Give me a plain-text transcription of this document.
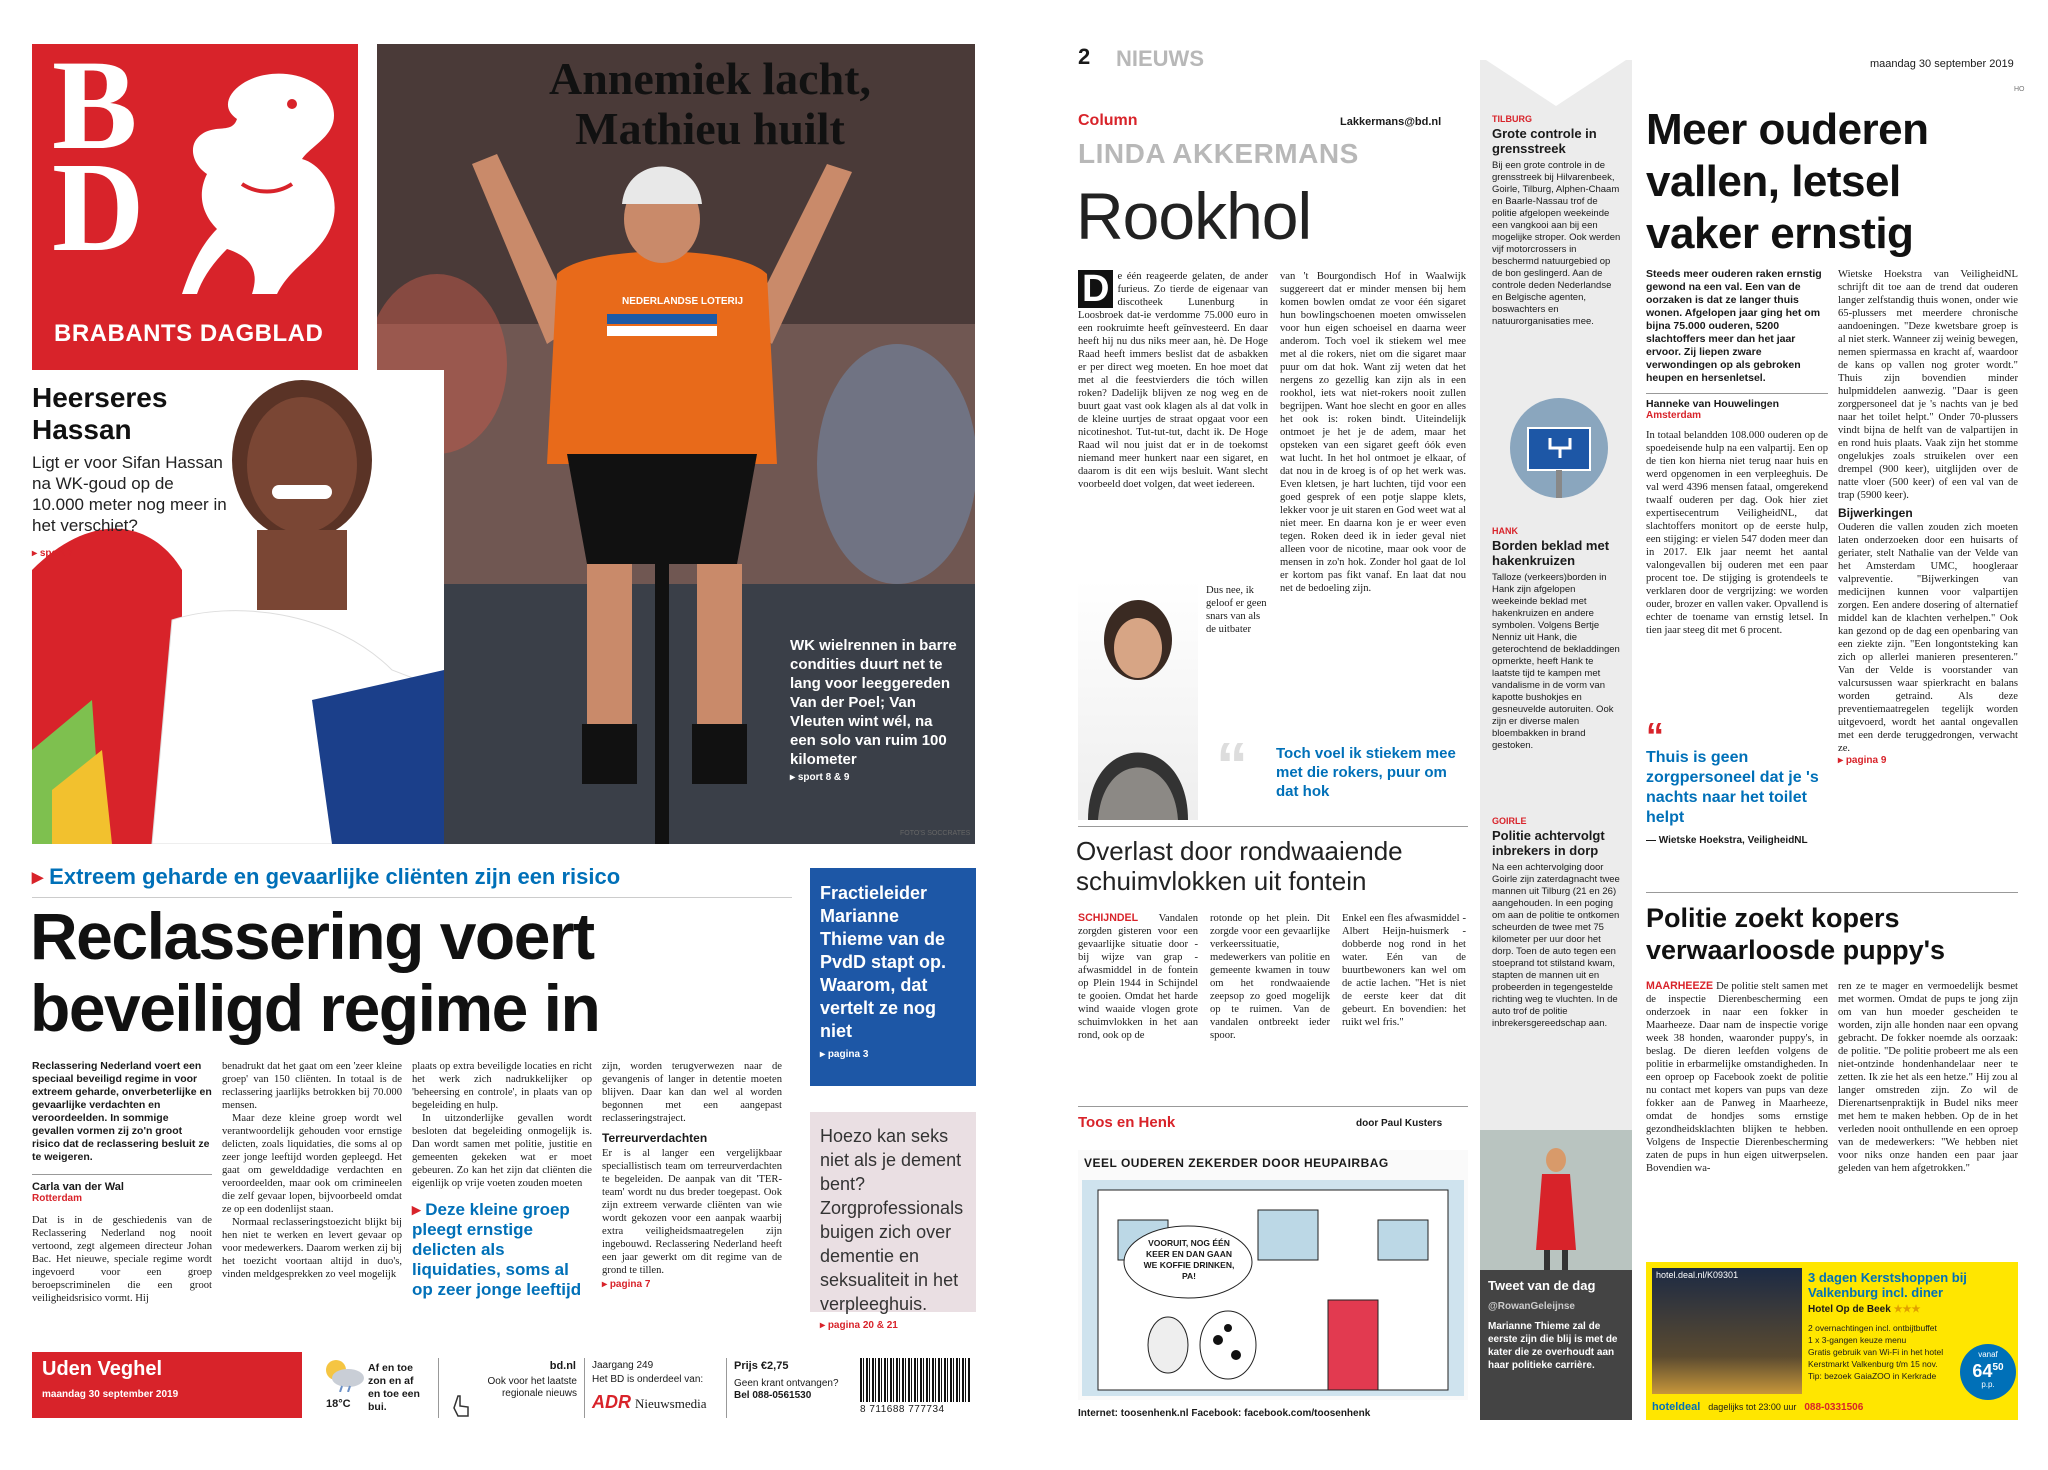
B
D
BRABANTS DAGBLAD
NEDERLANDSE LOTERIJ
Annemiek lacht, Mathieu huilt
Heerseres Hassan
Ligt er voor Sifan Hassan na WK-goud op de 10.000 meter nog meer in het verschiet?
▸ sport 7
WK wielrennen in barre condities duurt net te lang voor leeggereden Van der Poel; Van Vleuten wint wél, na een solo van ruim 100 kilometer
▸ sport 8 & 9
FOTO'S SOCCRATES
▸ Extreem geharde en gevaarlijke cliënten zijn een risico
Reclassering voert
beveiligd regime in

Reclassering Nederland voert een speciaal beveiligd regime in voor extreem geharde, onverbeterlijke en gevaarlijke verdachten en veroordeelden. In sommige gevallen vormen zij zo'n groot risico dat de reclassering besluit ze te weigeren.

Carla van der Wal
Rotterdam

Dat is in de geschiedenis van de Reclassering Nederland nog nooit vertoond, zegt algemeen directeur Johan Bac. Het nieuwe, speciale regime wordt ingevoerd voor een groep beroepscriminelen die een groot veiligheidsrisico vormt. Hij

benadrukt dat het gaat om een 'zeer kleine groep' van 150 cliënten. In totaal is de reclassering jaarlijks betrokken bij 70.000 mensen.

Maar deze kleine groep wordt wel verantwoordelijk gehouden voor ernstige delicten, zoals liquidaties, die soms al op zeer jonge leeftijd worden gepleegd. Het gaat om gewelddadige verdachten en veroordeelden, maar ook om crimineelen die zelf gevaar lopen, bijvoorbeeld omdat ze op een dodenlijst staan.

Normaal reclasseringstoezicht blijkt bij hen niet te werken en levert gevaar op voor medewerkers. Daarom werken zij bij het toezicht voortaan altijd in duo's, vinden meldgesprekken zo veel mogelijk

plaats op extra beveiligde locaties en richt het werk zich nadrukkelijker op 'beheersing en controle', in plaats van op begeleiding en hulp.

In uitzonderlijke gevallen wordt besloten dat begeleiding onmogelijk is. Dan wordt samen met politie, justitie en gemeenten gekeken wat er moet gebeuren. Zo kan het zijn dat cliënten die eigenlijk op vrije voeten zouden moeten

▸ Deze kleine groep pleegt ernstige delicten als liquidaties, soms al op zeer jonge leeftijd

zijn, worden terugverwezen naar de gevangenis of langer in detentie moeten blijven. Daar kan dan wel al worden begonnen met een aangepast reclasseringstraject.

Terreurverdachten

Er is al langer een vergelijkbaar speciallistisch team om terreurverdachten te begeleiden. De aanpak van dit 'TER-team' wordt nu dus breder toegepast. Ook zijn extreem verwarde cliënten van wie wordt gekozen voor een aanpak waarbij extra veiligheidsmaatregelen zijn ingebouwd. Reclassering Nederland heeft een jaar gewerkt om dit regime van de grond te tillen.

▸ pagina 7
Fractieleider Marianne Thieme van de PvdD stapt op. Waarom, dat vertelt ze nog niet
▸ pagina 3
Hoezo kan seks niet als je dement bent? Zorgprofessionals buigen zich over dementie en seksualiteit in het verpleeghuis.
▸ pagina 20 & 21
Uden Veghel
maandag 30 september 2019
18°C
Af en toe zon en af en toe een bui.
bd.nl
Ook voor het laatste regionale nieuws
Jaargang 249
Het BD is onderdeel van:
ADR Nieuwsmedia
Prijs €2,75
Geen krant ontvangen?
Bel 088-0561530
8 711688 777734
2 NIEUWS	maandag 30 september 2019
HO
Column	Lakkermans@bd.nl
LINDA AKKERMANS
Rookhol
D e één reageerde gelaten, de ander furieus. Zo tierde de eigenaar van discotheek Lunenburg in Loosbroek dat-ie verdomme 75.000 euro in een rookruimte heeft geïnvesteerd. En daar heeft hij nu dus niks meer aan, hè. De Hoge Raad heeft immers beslist dat de asbakken er per direct weg moeten. En hoe moet dat met al die feestvierders die tóch willen roken? Dadelijk blijven ze nog weg en de buurt gaat vast ook klagen als al dat volk in de kleine uurtjes de straat opgaat voor een nicotineshot. Tut-tut-tut, dacht ik. De Hoge Raad wil nou juist dat er in de toekomst niemand meer hunkert naar een sigaret, en daarom is dit een wijs besluit. Want slecht voorbeeld doet volgen, dat weet iedereen.

Dus nee, ik geloof er geen snars van als de uitbater

van 't Bourgondisch Hof in Waalwijk suggereert dat er minder mensen bij hem komen bowlen omdat ze voor één sigaret hun bowlingschoenen moeten omwisselen voor hun eigen schoeisel en daarna weer anderom. Toch voel ik stiekem wel mee met al die rokers, niet om die sigaret maar puur om dat hok. Want zij weten dat het nergens zo gezellig kan zijn als in een rookhol, iets wat niet-rokers nooit zullen begrijpen. Want hoe slecht en goor en alles het ook is: roken bindt. Uiteindelijk ontmoet je het je de adem, maar het opsteken van een sigaret geeft óók even wat lucht. In het hol ontmoet je elkaar, of dat nou in de kroeg is of op het werk was. Even kletsen, je hart luchten, tijd voor een goed gesprek of een potje slappe klets, lekker voor je uit staren en God weet wat al niet meer. En daarna kon je er weer even tegen. Roken deed ik in ieder geval niet alleen voor de nicotine, maar ook voor de mensen in zo'n hok. Zonder hol gaat de lol er kortom pas fikt vanaf. En laat dat nou net de bedoeling zijn.

“ Toch voel ik stiekem mee met die rokers, puur om dat hok
Overlast door rondwaaiende schuimvlokken uit fontein

SCHIJNDEL Vandalen zorgden gisteren voor een gevaarlijke situatie door - bij wijze van grap - afwasmiddel in de fontein op Plein 1944 in Schijndel te gooien. Omdat het harde wind waaide vlogen grote schuimvlokken in het aan rond, ook op de

rotonde op het plein. Dit zorgde voor een gevaarlijke verkeerssituatie, medewerkers van politie en gemeente kwamen in touw om het rondwaaiende zeepsop zo goed mogelijk op te ruimen. Van de vandalen ontbreekt ieder spoor.

Enkel een fles afwasmiddel - Albert Heijn-huismerk - dobberde nog rond in het water. Eén van de buurtbewoners kan wel om de actie lachen. "Het is niet de eerste keer dat dit gebeurt. En bovendien: het ruikt wel fris."

Toos en Henk	door Paul Kusters
VEEL OUDEREN ZEKERDER DOOR HEUPAIRBAG
VOORUIT, NOG ÉÉN KEER EN DAN GAAN WE KOFFIE DRINKEN, PA!
Internet: toosenhenk.nl Facebook: facebook.com/toosenhenk
TILBURG
Grote controle in grensstreek

Bij een grote controle in de grensstreek bij Hilvarenbeek, Goirle, Tilburg, Alphen-Chaam en Baarle-Nassau trof de politie afgelopen weekeinde een vangkooi aan bij een mogelijke stroper. Ook werden vijf motorcrossers in beschermd natuurgebied op de bon geslingerd. Aan de controle deden Nederlandse en Belgische agenten, boswachters en natuurorganisaties mee.

HANK
Borden beklad met hakenkruizen

Talloze (verkeers)borden in Hank zijn afgelopen weekeinde beklad met hakenkruizen en andere symbolen. Volgens Bertje Nenniz uit Hank, die geterochtend de bekladdingen opmerkte, heeft Hank te laatste tijd te kampen met vandalisme in de vorm van kapotte bushokjes en gesneuvelde autoruiten. Ook zijn er diverse malen bloembakken in brand gestoken.

GOIRLE
Politie achtervolgt inbrekers in dorp

Na een achtervolging door Goirle zijn zaterdagnacht twee mannen uit Tilburg (21 en 26) aangehouden. In een poging om aan de politie te ontkomen scheurden de twee met 75 kilometer per uur door het dorp. Toen de auto tegen een stoeprand tot stilstand kwam, stapten de mannen uit en probeerden in tegengestelde richting weg te vluchten. In de auto trof de politie inbrekersgereedschap aan.

Tweet van de dag
@RowanGeleijnse

Marianne Thieme zal de eerste zijn die blij is met de kater die ze overhoudt aan haar politieke carrière.

Meer ouderen vallen, letsel vaker ernstig

Steeds meer ouderen raken ernstig gewond na een val. Een van de oorzaken is dat ze langer thuis wonen. Afgelopen jaar ging het om bijna 75.000 ouderen, 5200 slachtoffers meer dan het jaar ervoor. Zij liepen zware verwondingen op als gebroken heupen en hersenletsel.

Hanneke van Houwelingen
Amsterdam

In totaal belandden 108.000 ouderen op de spoedeisende hulp na een valpartij. Een op de tien kon hierna niet terug naar huis en werd opgenomen in een verpleeghuis. De val werd 4396 mensen fataal, omgerekend twaalf ouderen per dag. Ook hier ziet expertisecentrum VeiligheidNL, dat slachtoffers monitort op de eerste hulp, een stijging: er vielen 547 doden meer dan in 2017. Elk jaar neemt het aantal valongevallen bij ouderen met een paar procent toe. De stijging is grotendeels te verklaren door de vergrijzing: we worden ouder, brozer en vallen vaker. Opvallend is echter de toename van ernstig letsel. In tien jaar steeg dit met 6 procent.

“
Thuis is geen zorgpersoneel dat je 's nachts naar het toilet helpt
— Wietske Hoekstra, VeiligheidNL

Wietske Hoekstra van VeiligheidNL schrijft dit toe aan de trend dat ouderen langer zelfstandig thuis wonen, onder wie 65-plussers met meerdere chronische aandoeningen. "Deze kwetsbare groep is al niet sterk. Wanneer zij weinig bewegen, nemen spiermassa en kracht af, waardoor de kans op vallen nog groter wordt." Thuis zijn bovendien minder hulpmiddelen aanwezig. "Daar is geen zorgpersoneel dat je 's nachts van je bed naar het toilet helpt." Onder 70-plussers vindt bijna de helft van de valpartijen in en rond huis plaats. Vaak zijn het stomme ongelukjes zoals struikelen over een drempel (900 keer), uitglijden over de natte vloer (500 keer) of een val van de trap (5900 keer).

Bijwerkingen

Ouderen die vallen zouden zich moeten laten onderzoeken door een huisarts of geriater, stelt Nathalie van der Velde van het Amsterdam UMC, hoogleraar valpreventie. "Bijwerkingen van medicijnen kunnen voor valpartijen zorgen. Een andere dosering of alternatief middel kan de klachten verhelpen." Ook kan gezond op de dag een openbaring van een ziekte zijn. "Een longontsteking kan zich op allerlei manieren presenteren." Van der Velde is voorstander van valcursussen waar spierkracht en balans worden getraind. Als deze preventiemaatregelen tegelijk worden uitgevoerd, wordt het aantal ongevallen met een derde teruggedrongen, verwacht ze.

▸ pagina 9
Politie zoekt kopers verwaarloosde puppy's

MAARHEEZE De politie stelt samen met de inspectie Dierenbescherming een onderzoek in naar een fokker in Maarheeze. Daar nam de inspectie vorige week 38 honden, waaronder puppy's, in beslag. De dieren leefden volgens de politie in erbarmelijke omstandigheden. In een oproep op Facebook zoekt de politie nu contact met kopers van pups van deze fokker aan de Panweg in Maarheeze, omdat de hondjes soms ernstige gezondheidsklachten blijken te hebben. Volgens de Inspectie Dierenbescherming zaten de pups in hun eigen uitwerpselen. Bovendien wa-

ren ze te mager en vermoedelijk besmet met wormen. Omdat de pups te jong zijn om van hun moeder gescheiden te worden, zijn alle honden naar een opvang gebracht. De fokker noemde als oorzaak: de politie. "De politie probeert me als een niet-ontzinde hondenhandelaar neer te zetten. Ik zie het als een hetze." Hij zou al langer omstreden zijn. Zo wil de Dierenartsenpraktijk in Budel niks meer met hem te maken hebben. Op de in het verleden nooit onthullende en een oproep van de medewerkers: "We hebben niet voor niks onze handen een paar jaar geleden van hem afgetrokken."

hotel.deal.nl/K09301	3 dagen Kerstshoppen bij Valkenburg incl. diner
Hotel Op de Beek ★★★
2 overnachtingen incl. ontbijtbuffet
1 x 3-gangen keuze menu
Gratis gebruik van Wi-Fi in het hotel
Kerstmarkt Valkenburg t/m 15 nov.
Tip: bezoek GaiaZOO in Kerkrade
vanaf
$64^{50}$
p.p.
hoteldeal dagelijks tot 23:00 uur 088-0331506
